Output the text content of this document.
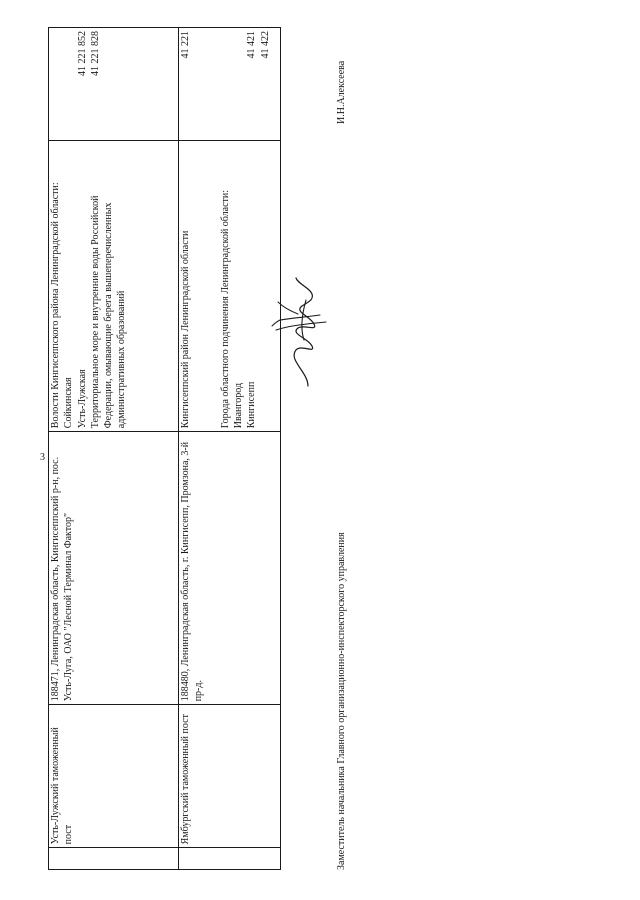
3
	Усть-Лужский таможенный пост	188471, Ленинградская область, Кингисеппский р-н, пос. Усть-Луга, ОАО "Лесной Терминал Фактор"	Волости Кингисеппского района Ленинградской области: Сойкинская Усть-Лужская Территориальное море и внутренние воды Российской Федерации, омывающие берега вышеперечисленных административных образований	41 221 852 41 221 828

	Ямбургский таможенный пост	188480, Ленинградская область, г. Кингисепп, Промзона, 3-й пр-д.	Кингисеппский район Ленинградской области Города областного подчинения Ленинградской области: Ивангород Кингисепп	41 221 41 421 41 422
Заместитель начальника Главного организационно-инспекторского управления
И.Н.Алексеева
